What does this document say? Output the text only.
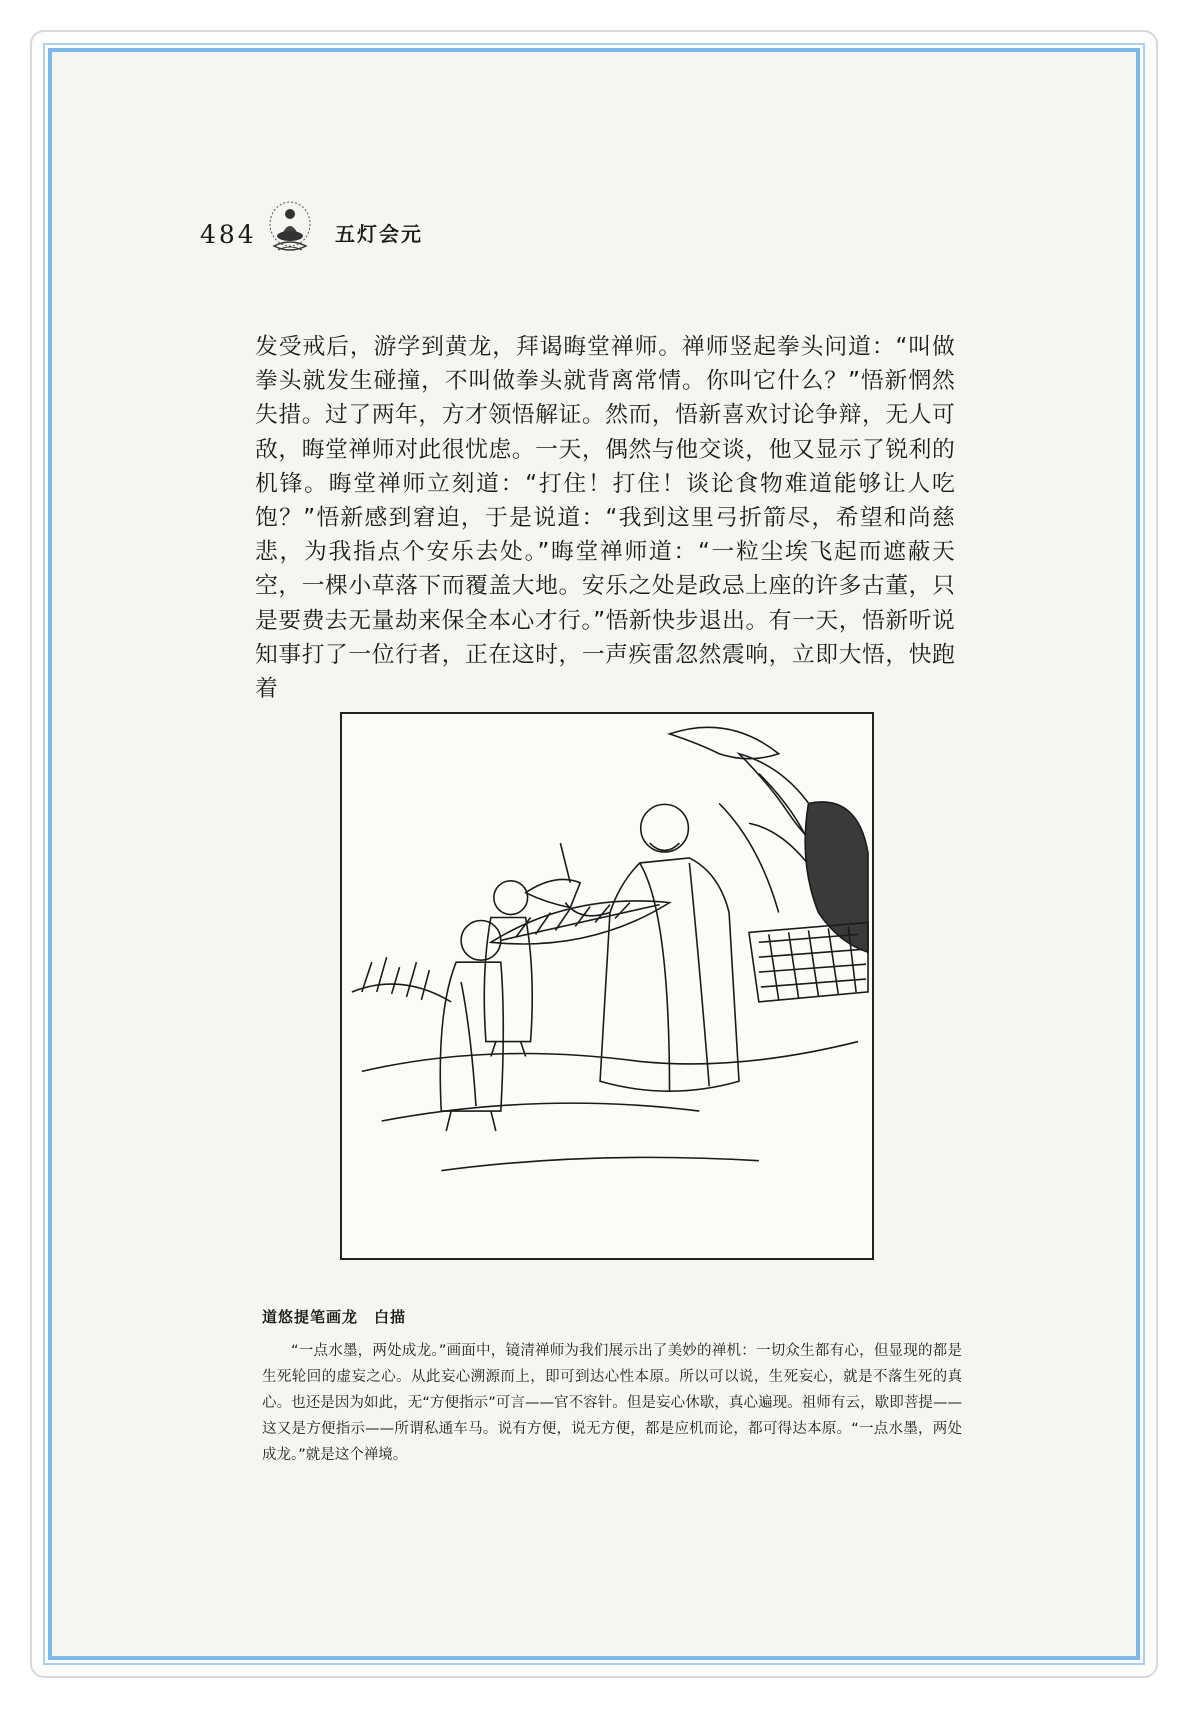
484	五灯会元

发受戒后，游学到黄龙，拜谒晦堂禅师。禅师竖起拳头问道：“叫做拳头就发生碰撞，不叫做拳头就背离常情。你叫它什么？”悟新惘然失措。过了两年，方才领悟解证。然而，悟新喜欢讨论争辩，无人可敌，晦堂禅师对此很忧虑。一天，偶然与他交谈，他又显示了锐利的机锋。晦堂禅师立刻道：“打住！打住！谈论食物难道能够让人吃饱？”悟新感到窘迫，于是说道：“我到这里弓折箭尽，希望和尚慈悲，为我指点个安乐去处。”晦堂禅师道：“一粒尘埃飞起而遮蔽天空，一棵小草落下而覆盖大地。安乐之处是政忌上座的许多古董，只是要费去无量劫来保全本心才行。”悟新快步退出。有一天，悟新听说知事打了一位行者，正在这时，一声疾雷忽然震响，立即大悟，快跑着

道悠提笔画龙　白描
“一点水墨，两处成龙。”画面中，镜清禅师为我们展示出了美妙的禅机：一切众生都有心，但显现的都是生死轮回的虚妄之心。从此妄心溯源而上，即可到达心性本原。所以可以说，生死妄心，就是不落生死的真心。也还是因为如此，无“方便指示”可言——官不容针。但是妄心休歇，真心遍现。祖师有云，歇即菩提——这又是方便指示——所谓私通车马。说有方便，说无方便，都是应机而论，都可得达本原。“一点水墨，两处成龙。”就是这个禅境。
